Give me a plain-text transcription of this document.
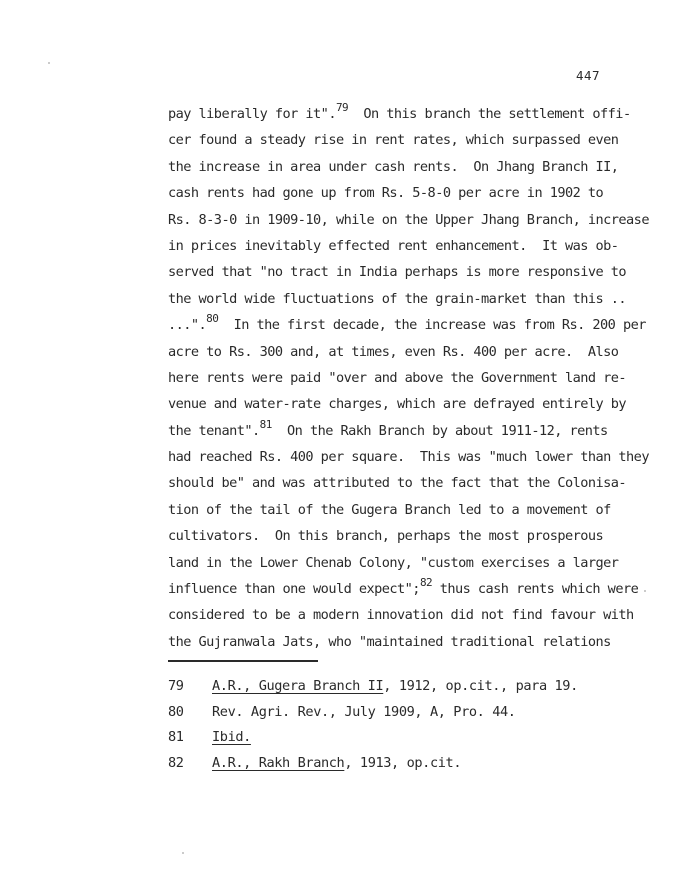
447
pay liberally for it".$^{79}$  On this branch the settlement offi-
cer found a steady rise in rent rates, which surpassed even
the increase in area under cash rents.  On Jhang Branch II,
cash rents had gone up from Rs. 5-8-0 per acre in 1902 to
Rs. 8-3-0 in 1909-10, while on the Upper Jhang Branch, increase
in prices inevitably effected rent enhancement.  It was ob-
served that "no tract in India perhaps is more responsive to
the world wide fluctuations of the grain-market than this ..
...".$^{80}$  In the first decade, the increase was from Rs. 200 per
acre to Rs. 300 and, at times, even Rs. 400 per acre.  Also
here rents were paid "over and above the Government land re-
venue and water-rate charges, which are defrayed entirely by
the tenant".$^{81}$  On the Rakh Branch by about 1911-12, rents
had reached Rs. 400 per square.  This was "much lower than they
should be" and was attributed to the fact that the Colonisa-
tion of the tail of the Gugera Branch led to a movement of
cultivators.  On this branch, perhaps the most prosperous
land in the Lower Chenab Colony, "custom exercises a larger
influence than one would expect";$^{82}$ thus cash rents which were
considered to be a modern innovation did not find favour with
the Gujranwala Jats, who "maintained traditional relations
79 A.R., Gugera Branch II, 1912, op.cit., para 19.
80 Rev. Agri. Rev., July 1909, A, Pro. 44.
81 Ibid.
82 A.R., Rakh Branch, 1913, op.cit.
